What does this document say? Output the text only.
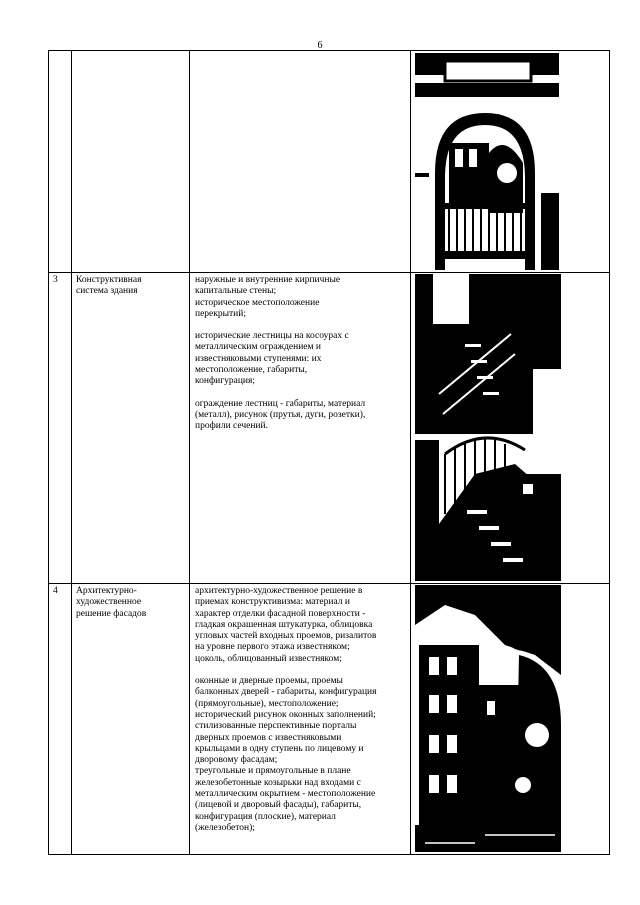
6
3	Конструктивная
система здания

наружные и внутренние кирпичные
капитальные стены;
историческое местоположение
перекрытий;

исторические лестницы на косоурах с
металлическим ограждением и
известняковыми ступенями: их
местоположение, габариты,
конфигурация;

ограждение лестниц - габариты, материал
(металл), рисунок (прутья, дуги, розетки),
профили сечений.

4	Архитектурно-
художественное
решение фасадов

архитектурно-художественное решение в
приемах конструктивизма: материал и
характер отделки фасадной поверхности -
гладкая окрашенная штукатурка, облицовка
угловых частей входных проемов, ризалитов
на уровне первого этажа известняком;
цоколь, облицованный известняком;

оконные и дверные проемы, проемы
балконных дверей - габариты, конфигурация
(прямоугольные), местоположение;
исторический рисунок оконных заполнений;
стилизованные перспективные порталы
дверных проемов с известняковыми
крыльцами в одну ступень по лицевому и
дворовому фасадам;
треугольные и прямоугольные в плане
железобетонные козырьки над входами с
металлическим окрытием - местоположение
(лицевой и дворовый фасады), габариты,
конфигурация (плоские), материал
(железобетон);
